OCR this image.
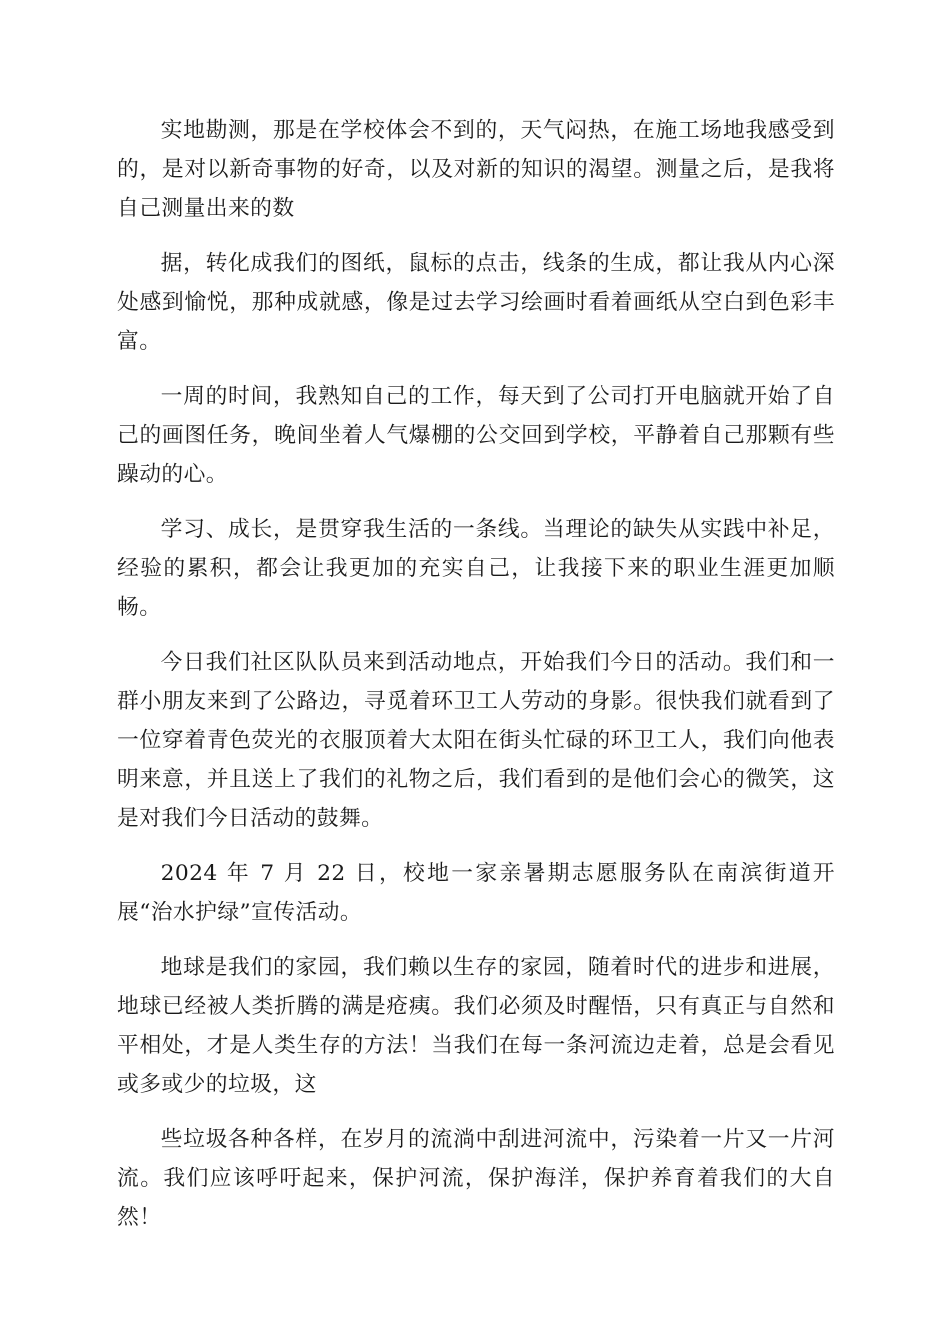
实地勘测，那是在学校体会不到的，天气闷热，在施工场地我感受到的，是对以新奇事物的好奇，以及对新的知识的渴望。测量之后，是我将自己测量出来的数

据，转化成我们的图纸，鼠标的点击，线条的生成，都让我从内心深处感到愉悦，那种成就感，像是过去学习绘画时看着画纸从空白到色彩丰富。

一周的时间，我熟知自己的工作，每天到了公司打开电脑就开始了自己的画图任务，晚间坐着人气爆棚的公交回到学校，平静着自己那颗有些躁动的心。

学习、成长，是贯穿我生活的一条线。当理论的缺失从实践中补足，经验的累积，都会让我更加的充实自己，让我接下来的职业生涯更加顺畅。

今日我们社区队队员来到活动地点，开始我们今日的活动。我们和一群小朋友来到了公路边，寻觅着环卫工人劳动的身影。很快我们就看到了一位穿着青色荧光的衣服顶着大太阳在街头忙碌的环卫工人，我们向他表明来意，并且送上了我们的礼物之后，我们看到的是他们会心的微笑，这是对我们今日活动的鼓舞。

2024 年 7 月 22 日，校地一家亲暑期志愿服务队在南滨街道开展“治水护绿”宣传活动。

地球是我们的家园，我们赖以生存的家园，随着时代的进步和进展，地球已经被人类折腾的满是疮痍。我们必须及时醒悟，只有真正与自然和平相处，才是人类生存的方法！当我们在每一条河流边走着，总是会看见或多或少的垃圾，这

些垃圾各种各样，在岁月的流淌中刮进河流中，污染着一片又一片河流。我们应该呼吁起来，保护河流，保护海洋，保护养育着我们的大自然！
